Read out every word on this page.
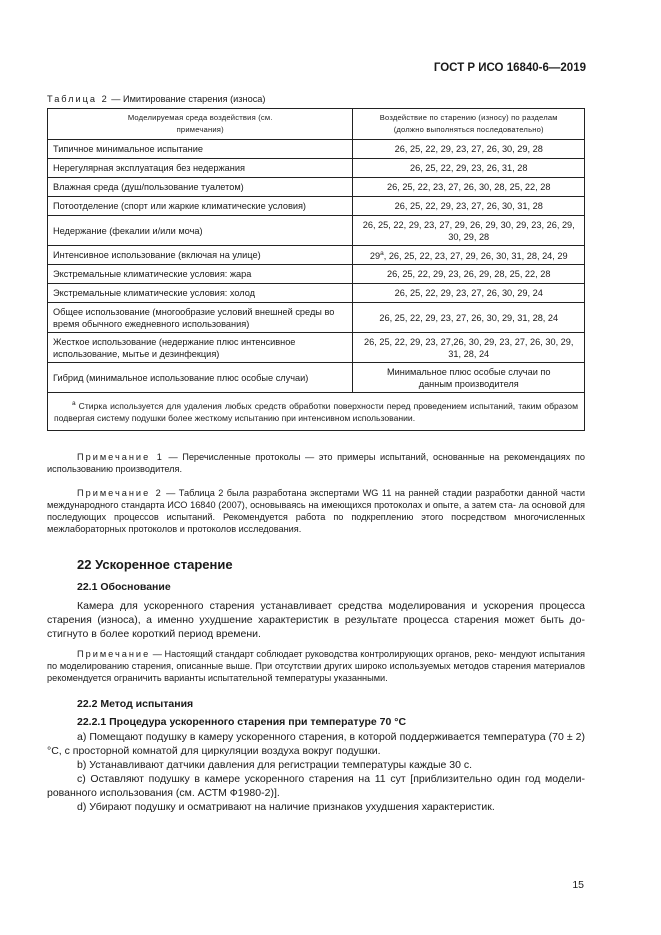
ГОСТ Р ИСО 16840-6—2019
Таблица 2 — Имитирование старения (износа)
Моделируемая среда воздействия (см. примечания)	Воздействие по старению (износу) по разделам (должно выполняться последовательно)
Типичное минимальное испытание	26, 25, 22, 29, 23, 27, 26, 30, 29, 28
Нерегулярная эксплуатация без недержания	26, 25, 22, 29, 23, 26, 31, 28
Влажная среда (душ/пользование туалетом)	26, 25, 22, 23, 27, 26, 30, 28, 25, 22, 28
Потоотделение (спорт или жаркие климатические условия)	26, 25, 22, 29, 23, 27, 26, 30, 31, 28
Недержание (фекалии и/или моча)	26, 25, 22, 29, 23, 27, 29, 26, 29, 30, 29, 23, 26, 29, 30, 29, 28
Интенсивное использование (включая на улице)	$29^а$, 26, 25, 22, 23, 27, 29, 26, 30, 31, 28, 24, 29
Экстремальные климатические условия: жара	26, 25, 22, 29, 23, 26, 29, 28, 25, 22, 28
Экстремальные климатические условия: холод	26, 25, 22, 29, 23, 27, 26, 30, 29, 24
Общее использование (многообразие условий внешней среды во время обычного ежедневного использования)	26, 25, 22, 29, 23, 27, 26, 30, 29, 31, 28, 24
Жесткое использование (недержание плюс интенсивное использование, мытье и дезинфекция)	26, 25, 22, 29, 23, 27,26, 30, 29, 23, 27, 26, 30, 29, 31, 28, 24
Гибрид (минимальное использование плюс особые случаи)	Минимальное плюс особые случаи по данным производителя
$^а$ Стирка используется для удаления любых средств обработки поверхности перед проведением испытаний, таким образом подвергая систему подушки более жесткому испытанию при интенсивном использовании.	
Примечание 1 — Перечисленные протоколы — это примеры испытаний, основанные на рекомендациях по использованию производителя.
Примечание 2 — Таблица 2 была разработана экспертами WG 11 на ранней стадии разработки данной части международного стандарта ИСО 16840 (2007), основываясь на имеющихся протоколах и опыте, а затем ста- ла основой для последующих процессов испытаний. Рекомендуется работа по подкреплению этого посредством многочисленных межлабораторных протоколов и протоколов исследования.
22 Ускоренное старение
22.1 Обоснование
Камера для ускоренного старения устанавливает средства моделирования и ускорения процесса старения (износа), а именно ухудшение характеристик в результате процесса старения может быть до- стигнуто в более короткий период времени.
Примечание — Настоящий стандарт соблюдает руководства контролирующих органов, реко- мендуют испытания по моделированию старения, описанные выше. При отсутствии других широко используемых методов старения материалов рекомендуется ограничить варианты испытательной температуры указанными.
22.2 Метод испытания
22.2.1 Процедура ускоренного старения при температуре 70 °С
а) Помещают подушку в камеру ускоренного старения, в которой поддерживается температура (70 ± 2) °С, с просторной комнатой для циркуляции воздуха вокруг подушки.
b) Устанавливают датчики давления для регистрации температуры каждые 30 с.
с) Оставляют подушку в камере ускоренного старения на 11 сут [приблизительно один год модели- рованного использования (см. АСТМ Ф1980-2)].
d) Убирают подушку и осматривают на наличие признаков ухудшения характеристик.
15
